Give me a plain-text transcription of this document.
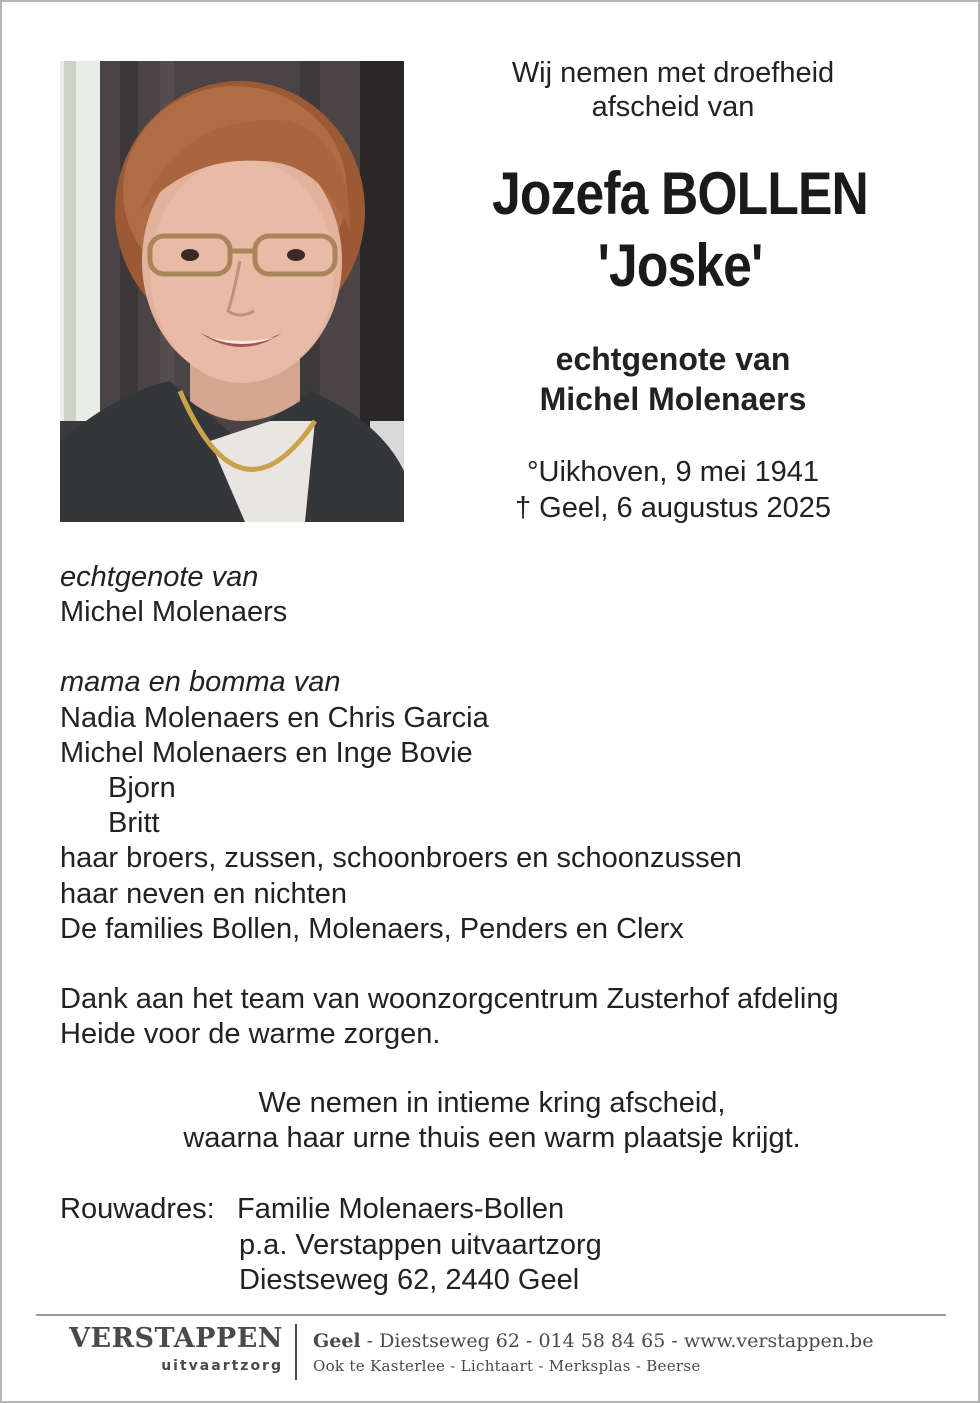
Wij nemen met droefheid
afscheid van
Jozefa BOLLEN
'Joske'
echtgenote van
Michel Molenaers
°Uikhoven, 9 mei 1941
† Geel, 6 augustus 2025
echtgenote van
Michel Molenaers
mama en bomma van
Nadia Molenaers en Chris Garcia
Michel Molenaers en Inge Bovie
Bjorn
Britt
haar broers, zussen, schoonbroers en schoonzussen
haar neven en nichten
De families Bollen, Molenaers, Penders en Clerx
Dank aan het team van woonzorgcentrum Zusterhof afdeling
Heide voor de warme zorgen.
We nemen in intieme kring afscheid,
waarna haar urne thuis een warm plaatsje krijgt.
Rouwadres: Familie Molenaers-Bollen
p.a. Verstappen uitvaartzorg
Diestseweg 62, 2440 Geel
VERSTAPPEN
uitvaartzorg
Geel - Diestseweg 62 - 014 58 84 65 - www.verstappen.be
Ook te Kasterlee - Lichtaart - Merksplas - Beerse
